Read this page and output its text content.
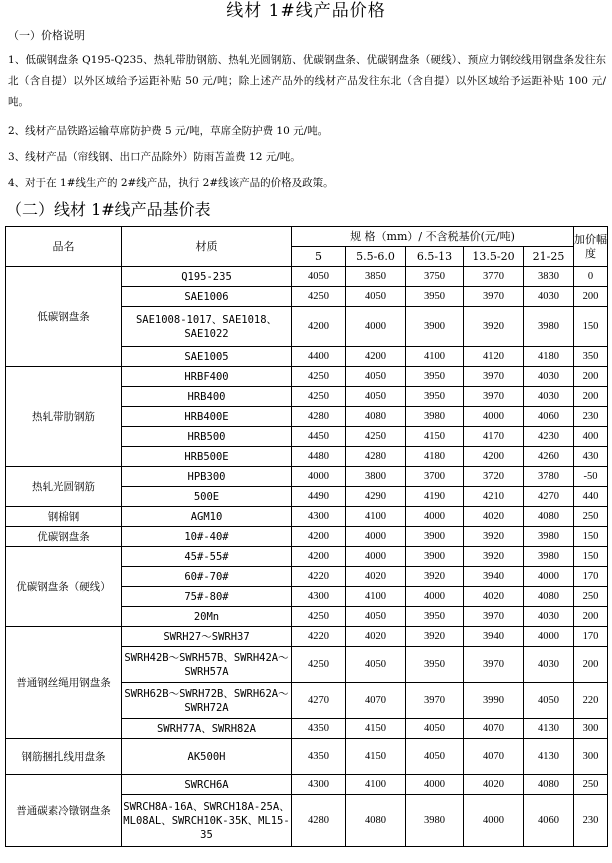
线材 1#线产品价格
（一）价格说明
1、低碳钢盘条 Q195-Q235、热轧带肋钢筋、热轧光圆钢筋、优碳钢盘条、优碳钢盘条（硬线）、预应力钢绞线用钢盘条发往东北（含自提）以外区域给予运距补贴 50 元/吨；除上述产品外的线材产品发往东北（含自提）以外区域给予运距补贴 100 元/吨。
2、线材产品铁路运输草席防护费 5 元/吨，草席全防护费 10 元/吨。
3、线材产品（帘线钢、出口产品除外）防雨苫盖费 12 元/吨。
4、对于在 1#线生产的 2#线产品，执行 2#线该产品的价格及政策。
（二）线材 1#线产品基价表
品名	材质	规 格（mm）/ 不含税基价(元/吨)					加价幅度
		5	5.5-6.0	6.5-13	13.5-20	21-25	
低碳钢盘条	Q195-235	4050	3850	3750	3770	3830	0
	SAE1006	4250	4050	3950	3970	4030	200
	SAE1008-1017、SAE1018、SAE1022	4200	4000	3900	3920	3980	150
	SAE1005	4400	4200	4100	4120	4180	350
热轧带肋钢筋	HRBF400	4250	4050	3950	3970	4030	200
	HRB400	4250	4050	3950	3970	4030	200
	HRB400E	4280	4080	3980	4000	4060	230
	HRB500	4450	4250	4150	4170	4230	400
	HRB500E	4480	4280	4180	4200	4260	430
热轧光圆钢筋	HPB300	4000	3800	3700	3720	3780	-50
	500E	4490	4290	4190	4210	4270	440
钢棉钢	AGM10	4300	4100	4000	4020	4080	250
优碳钢盘条	10#-40#	4200	4000	3900	3920	3980	150
优碳钢盘条（硬线）	45#-55#	4200	4000	3900	3920	3980	150
	60#-70#	4220	4020	3920	3940	4000	170
	75#-80#	4300	4100	4000	4020	4080	250
	20Mn	4250	4050	3950	3970	4030	200
普通钢丝绳用钢盘条	SWRH27～SWRH37	4220	4020	3920	3940	4000	170
	SWRH42B～SWRH57B、SWRH42A～SWRH57A	4250	4050	3950	3970	4030	200
	SWRH62B～SWRH72B、SWRH62A～SWRH72A	4270	4070	3970	3990	4050	220
	SWRH77A、SWRH82A	4350	4150	4050	4070	4130	300
钢筋捆扎线用盘条	AK500H	4350	4150	4050	4070	4130	300
普通碳素冷镦钢盘条	SWRCH6A	4300	4100	4000	4020	4080	250
	SWRCH8A-16A、SWRCH18A-25A、ML08AL、SWRCH10K-35K、ML15-35	4280	4080	3980	4000	4060	230
